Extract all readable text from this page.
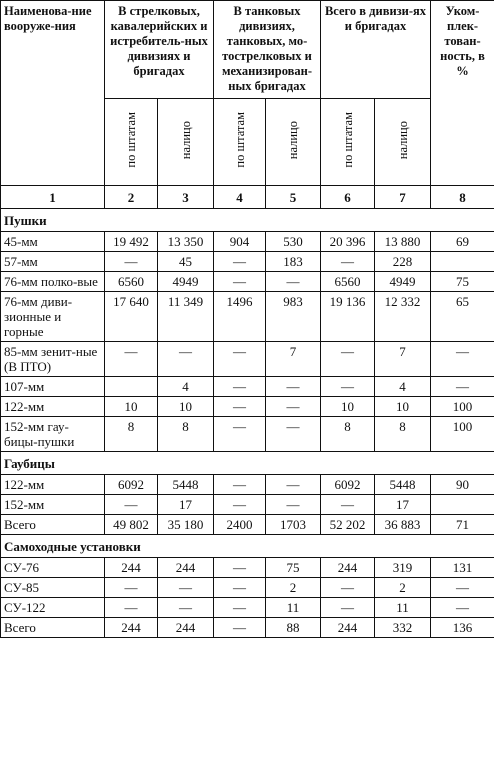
Наименова-ние вооруже-ния	В стрелковых, кавалерийских и истребитель-ных дивизиях и бригадах		В танковых дивизиях, танковых, мо-тострелковых и механизирован-ных бригадах		Всего в дивизи-ях и бригадах		Уком-плек-тован-ность, в %
	по штатам	налицо	по штатам	налицо	по штатам	налицо	
1	2	3	4	5	6	7	8
Пушки							
45-мм	19 492	13 350	904	530	20 396	13 880	69
57-мм	—	45	—	183	—	228	
76-мм полко-вые	6560	4949	—	—	6560	4949	75
76-мм диви-зионные и горные	17 640	11 349	1496	983	19 136	12 332	65
85-мм зенит-ные (В ПТО)	—	—	—	7	—	7	—
107-мм		4	—	—	—	4	—
122-мм	10	10	—	—	10	10	100
152-мм гау-бицы-пушки	8	8	—	—	8	8	100
Гаубицы							
122-мм	6092	5448	—	—	6092	5448	90
152-мм	—	17	—	—	—	17	
Всего	49 802	35 180	2400	1703	52 202	36 883	71
Самоходные установки							
СУ-76	244	244	—	75	244	319	131
СУ-85	—	—	—	2	—	2	—
СУ-122	—	—	—	11	—	11	—
Всего	244	244	—	88	244	332	136
